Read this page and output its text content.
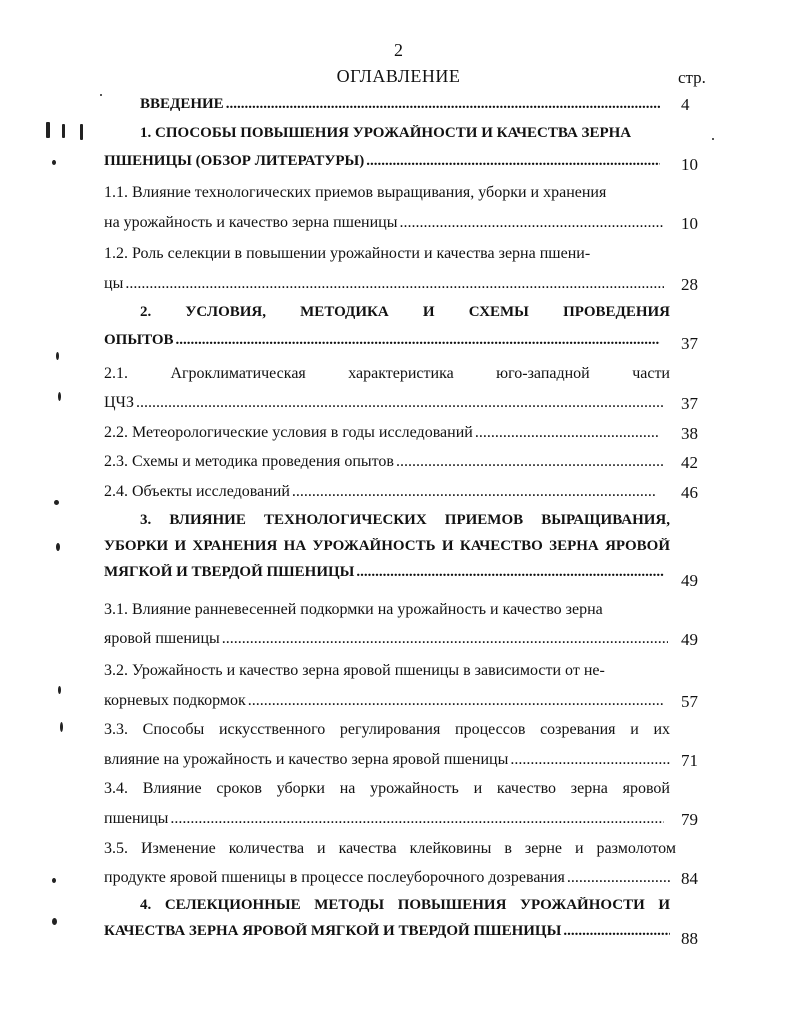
2
ОГЛАВЛЕНИЕ	стр.
ВВЕДЕНИЕ .....	4
1. СПОСОБЫ ПОВЫШЕНИЯ УРОЖАЙНОСТИ И КАЧЕСТВА ЗЕРНА
ПШЕНИЦЫ (ОБЗОР ЛИТЕРАТУРЫ) .....	10
1.1. Влияние технологических приемов выращивания, уборки и хранения
на урожайность и качество зерна пшеницы .....	10
1.2. Роль селекции в повышении урожайности и качества зерна пшени-
цы .....	28
2. УСЛОВИЯ, МЕТОДИКА И СХЕМЫ ПРОВЕДЕНИЯ
ОПЫТОВ .....	37
2.1. Агроклиматическая характеристика юго-западной части
ЦЧЗ .....	37
2.2. Метеорологические условия в годы исследований .....	38
2.3. Схемы и методика проведения опытов .....	42
2.4. Объекты исследований .....	46
3. ВЛИЯНИЕ ТЕХНОЛОГИЧЕСКИХ ПРИЕМОВ ВЫРАЩИВАНИЯ,
УБОРКИ И ХРАНЕНИЯ НА УРОЖАЙНОСТЬ И КАЧЕСТВО ЗЕРНА ЯРОВОЙ
МЯГКОЙ И ТВЕРДОЙ ПШЕНИЦЫ .....	49
3.1. Влияние ранневесенней подкормки на урожайность и качество зерна
яровой пшеницы .....	49
3.2. Урожайность и качество зерна яровой пшеницы в зависимости от не-
корневых подкормок .....	57
3.3. Способы искусственного регулирования процессов созревания и их
влияние на урожайность и качество зерна яровой пшеницы .....	71
3.4. Влияние сроков уборки на урожайность и качество зерна яровой
пшеницы .....	79
3.5. Изменение количества и качества клейковины в зерне и размолотом
продукте яровой пшеницы в процессе послеуборочного дозревания .....	84
4. СЕЛЕКЦИОННЫЕ МЕТОДЫ ПОВЫШЕНИЯ УРОЖАЙНОСТИ И
КАЧЕСТВА ЗЕРНА ЯРОВОЙ МЯГКОЙ И ТВЕРДОЙ ПШЕНИЦЫ .....	88
